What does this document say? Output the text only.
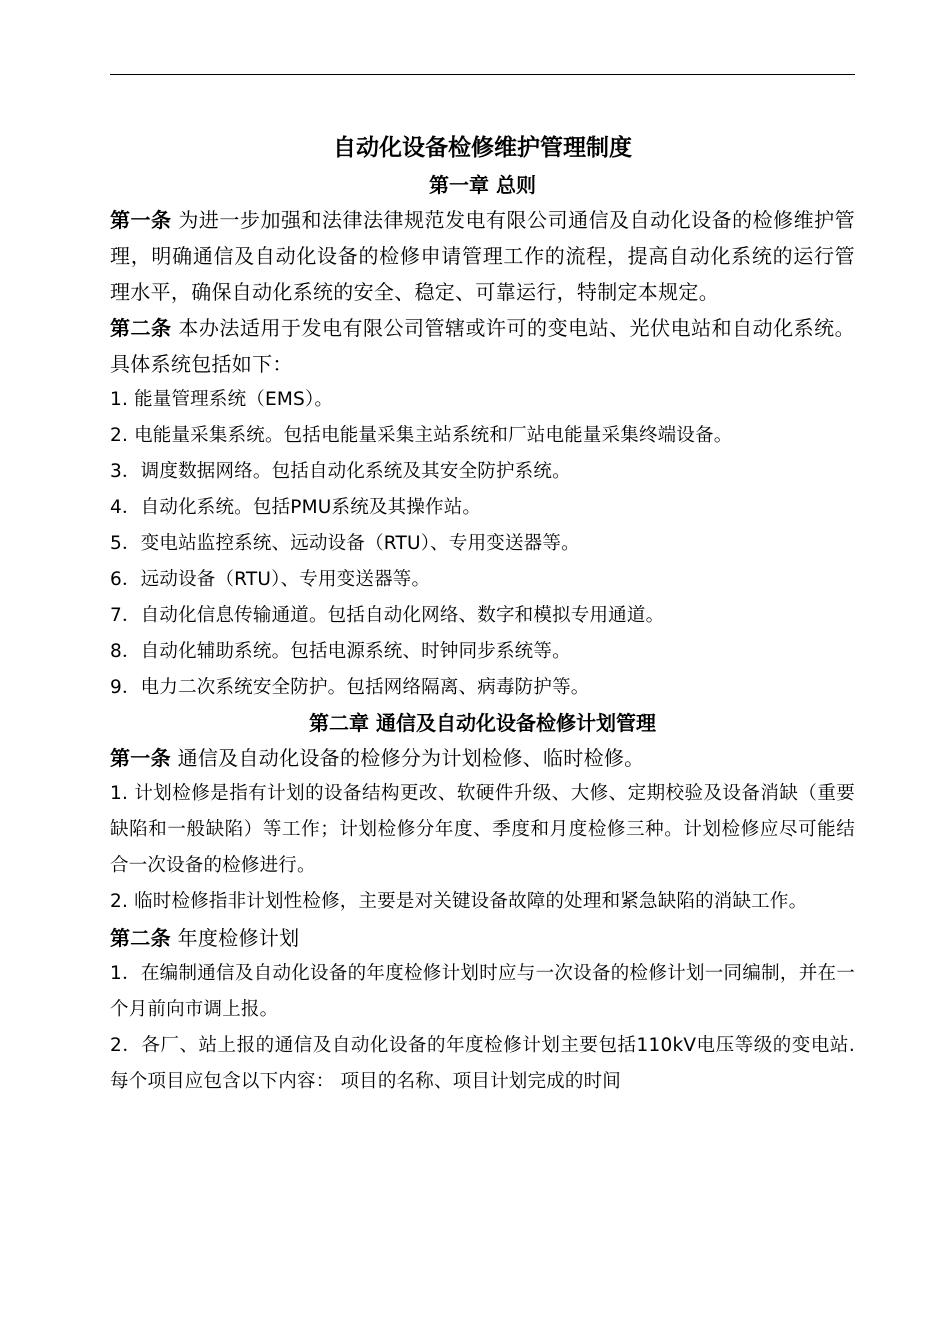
自动化设备检修维护管理制度
第一章 总则

第一条 为进一步加强和法律法律规范发电有限公司通信及自动化设备的检修维护管理，明确通信及自动化设备的检修申请管理工作的流程，提高自动化系统的运行管理水平，确保自动化系统的安全、稳定、可靠运行，特制定本规定。

第二条 本办法适用于发电有限公司管辖或许可的变电站、光伏电站和自动化系统。具体系统包括如下：

1. 能量管理系统（EMS）。

2. 电能量采集系统。包括电能量采集主站系统和厂站电能量采集终端设备。

3．调度数据网络。包括自动化系统及其安全防护系统。

4．自动化系统。包括PMU系统及其操作站。

5．变电站监控系统、远动设备（RTU）、专用变送器等。

6．远动设备（RTU）、专用变送器等。

7．自动化信息传输通道。包括自动化网络、数字和模拟专用通道。

8．自动化辅助系统。包括电源系统、时钟同步系统等。

9．电力二次系统安全防护。包括网络隔离、病毒防护等。

第二章 通信及自动化设备检修计划管理

第一条 通信及自动化设备的检修分为计划检修、临时检修。

1. 计划检修是指有计划的设备结构更改、软硬件升级、大修、定期校验及设备消缺（重要缺陷和一般缺陷）等工作；计划检修分年度、季度和月度检修三种。计划检修应尽可能结合一次设备的检修进行。

2. 临时检修指非计划性检修，主要是对关键设备故障的处理和紧急缺陷的消缺工作。

第二条 年度检修计划

1．在编制通信及自动化设备的年度检修计划时应与一次设备的检修计划一同编制，并在一个月前向市调上报。

2．各厂、站上报的通信及自动化设备的年度检修计划主要包括110kV电压等级的变电站.每个项目应包含以下内容： 项目的名称、项目计划完成的时间
